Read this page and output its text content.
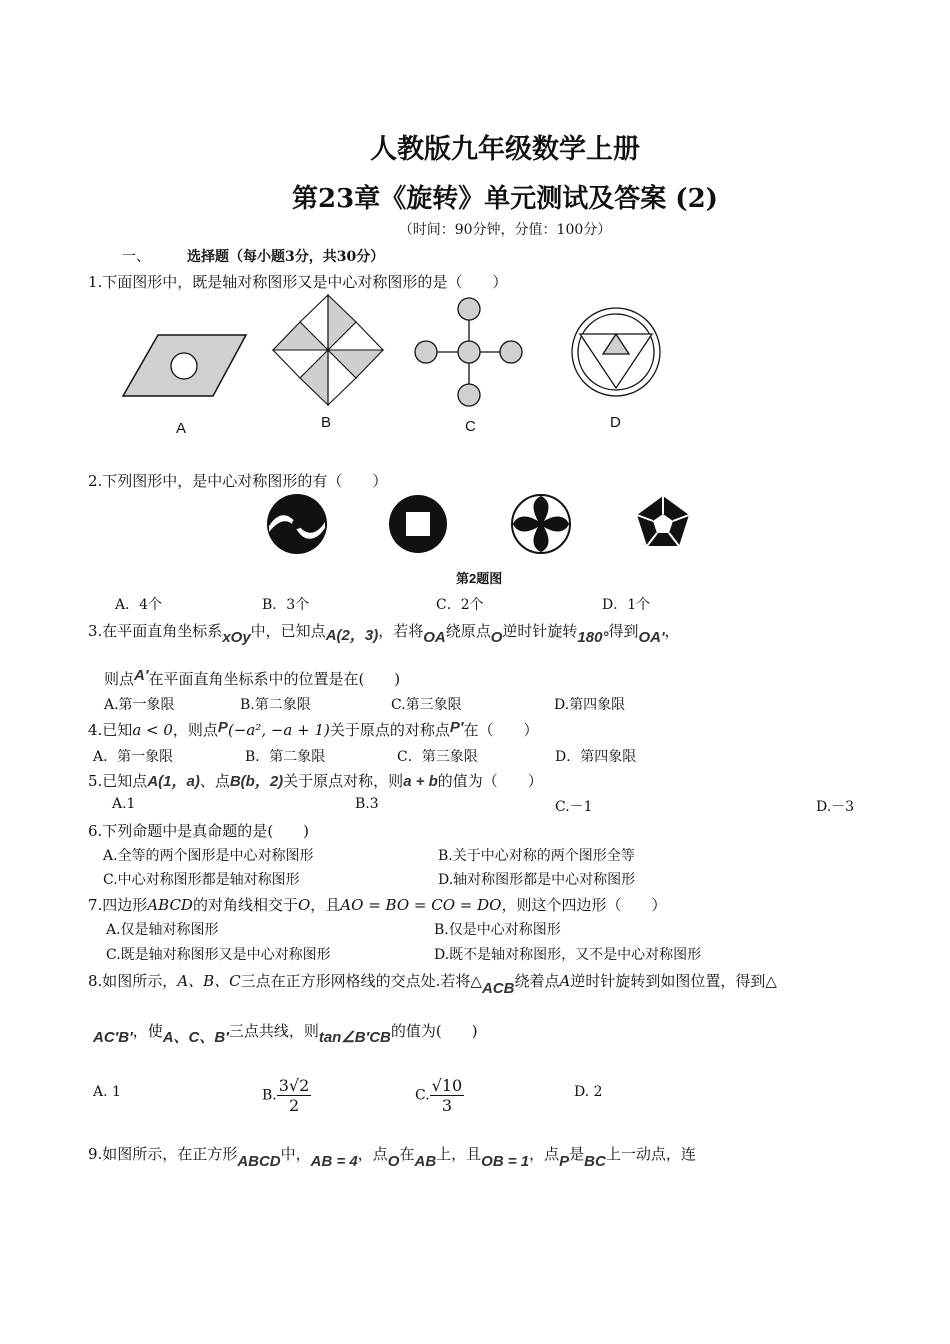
人教版九年级数学上册
第23章《旋转》单元测试及答案 (2)
（时间：90分钟，分值：100分）
一、	选择题（每小题3分，共30分）
1.下面图形中，既是轴对称图形又是中心对称图形的是（　　）
A	B	C	D
2.下列图形中，是中心对称图形的有（　　）
第2题图
A．4个	B．3个	C．2个	D．1个
3.在平面直角坐标系xOy中，已知点A(2，3)，若将OA绕原点O逆时针旋转180°得到OA'，
则点A′在平面直角坐标系中的位置是在(　　)
A.第一象限	B.第二象限	C.第三象限	D.第四象限
4.已知a < 0，则点P(−a², −a + 1)关于原点的对称点P′在（　　）
A．第一象限	B．第二象限	C．第三象限	D．第四象限
5.已知点A(1，a)、点B(b，2)关于原点对称，则a + b的值为（　　）
A.1	B.3	C.－1	D.－3
6.下列命题中是真命题的是(　　)
A.全等的两个图形是中心对称图形	B.关于中心对称的两个图形全等
C.中心对称图形都是轴对称图形	D.轴对称图形都是中心对称图形
7.四边形ABCD的对角线相交于O，且AO = BO = CO = DO，则这个四边形（　　）
A.仅是轴对称图形	B.仅是中心对称图形
C.既是轴对称图形又是中心对称图形	D.既不是轴对称图形，又不是中心对称图形
8.如图所示，A、B、C三点在正方形网格线的交点处.若将△ACB绕着点A逆时针旋转到如图位置，得到△
AC′B′，使A、C、B′三点共线，则tan∠B′CB的值为(　　)
A. 1	B. $\frac{3√2}{2}$	C. $\frac{√10}{3}$	D. 2
9.如图所示，在正方形ABCD中，AB = 4，点O在AB上，且OB = 1，点P是BC上一动点，连
